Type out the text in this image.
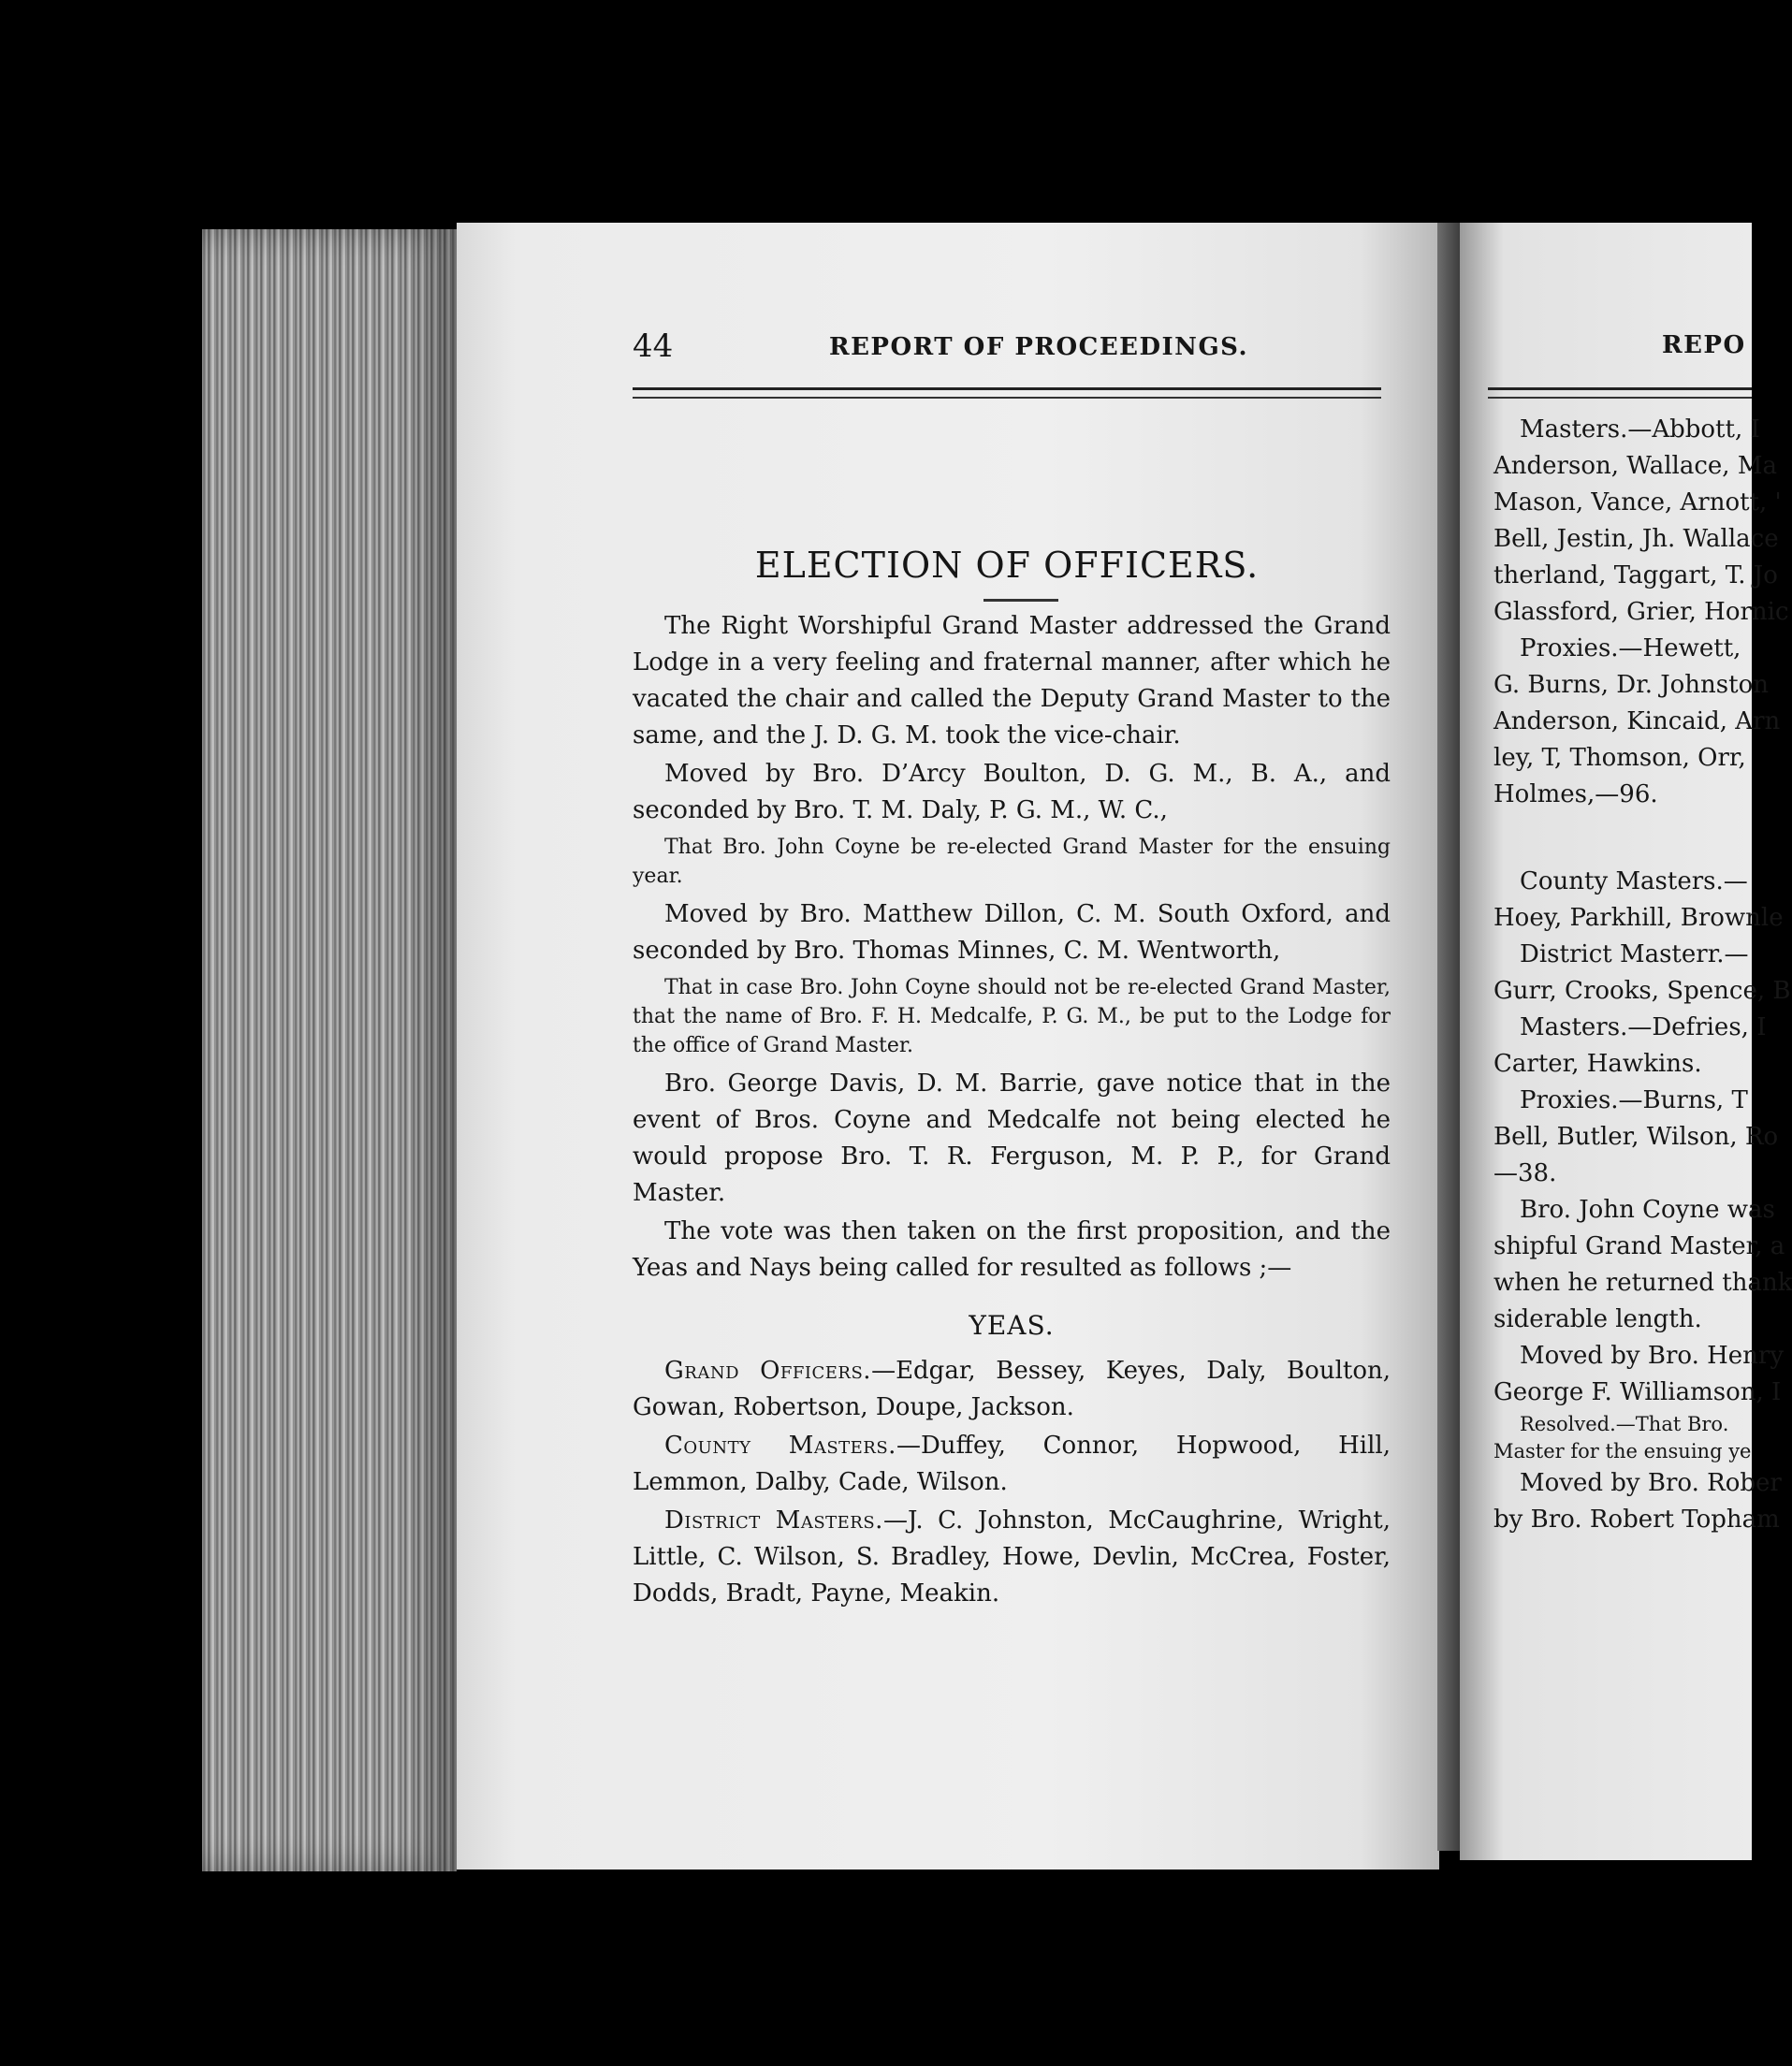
44	REPORT OF PROCEEDINGS.
ELECTION OF OFFICERS.

The Right Worshipful Grand Master addressed the Grand Lodge in a very feeling and fraternal manner, after which he vacated the chair and called the Deputy Grand Master to the same, and the J. D. G. M. took the vice-chair.

Moved by Bro. D’Arcy Boulton, D. G. M., B. A., and seconded by Bro. T. M. Daly, P. G. M., W. C.,

That Bro. John Coyne be re-elected Grand Master for the ensuing year.

Moved by Bro. Matthew Dillon, C. M. South Oxford, and seconded by Bro. Thomas Minnes, C. M. Wentworth,

That in case Bro. John Coyne should not be re-elected Grand Master, that the name of Bro. F. H. Medcalfe, P. G. M., be put to the Lodge for the office of Grand Master.

Bro. George Davis, D. M. Barrie, gave notice that in the event of Bros. Coyne and Medcalfe not being elected he would propose Bro. T. R. Ferguson, M. P. P., for Grand Master.

The vote was then taken on the first proposition, and the Yeas and Nays being called for resulted as follows ;—

YEAS.

Grand Officers.—Edgar, Bessey, Keyes, Daly, Boulton, Gowan, Robertson, Doupe, Jackson.

County Masters.—Duffey, Connor, Hopwood, Hill, Lemmon, Dalby, Cade, Wilson.

District Masters.—J. C. Johnston, McCaughrine, Wright, Little, C. Wilson, S. Bradley, Howe, Devlin, McCrea, Foster, Dodds, Bradt, Payne, Meakin.

REPO
Masters.—Abbott, I
Anderson, Wallace, Ma
Mason, Vance, Arnott, '
Bell, Jestin, Jh. Wallace
therland, Taggart, T. Jo
Glassford, Grier, Hornic
Proxies.—Hewett,
G. Burns, Dr. Johnston
Anderson, Kincaid, Arn
ley, T, Thomson, Orr,
Holmes,—96.
County Masters.—
Hoey, Parkhill, Brownle
District Masterr.—
Gurr, Crooks, Spence, B
Masters.—Defries, I
Carter, Hawkins.
Proxies.—Burns, T
Bell, Butler, Wilson, Ro
—38.
Bro. John Coyne was
shipful Grand Master, a
when he returned thank
siderable length.
Moved by Bro. Henry
George F. Williamson, I
Resolved.—That Bro.
Master for the ensuing ye
Moved by Bro. Rober
by Bro. Robert Topham
